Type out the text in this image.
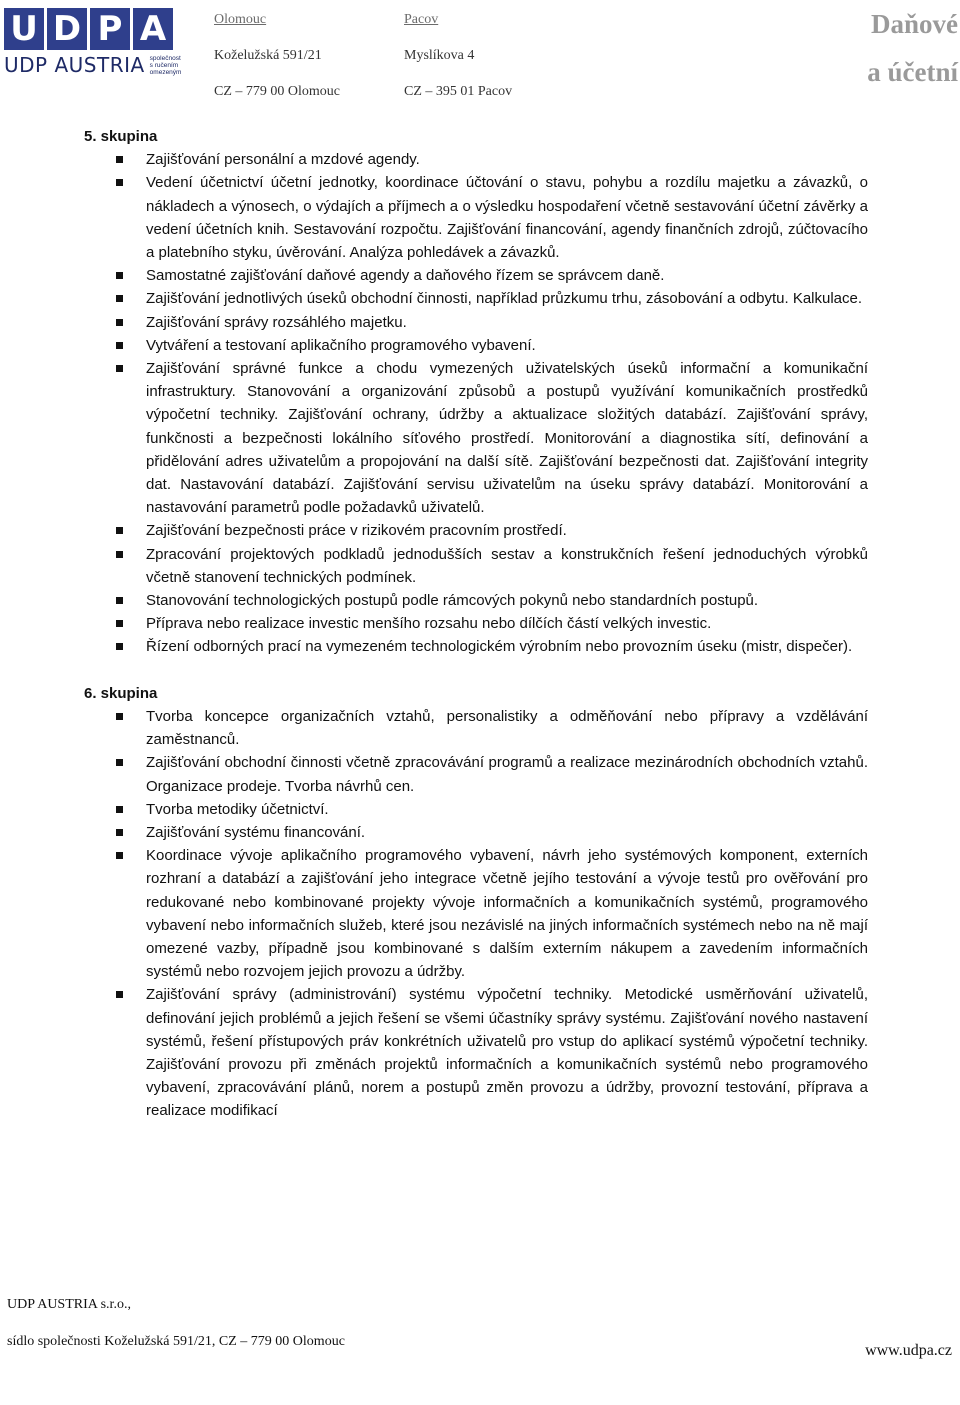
U D P A
UDP AUSTRIA společnost s ručením omezeným
Olomouc
Koželužská 591/21
CZ – 779 00 Olomouc
Pacov
Myslíkova 4
CZ – 395 01 Pacov
Daňové
a účetní
5. skupina
Zajišťování personální a mzdové agendy.
Vedení účetnictví účetní jednotky, koordinace účtování o stavu, pohybu a rozdílu majetku a závazků, o nákladech a výnosech, o výdajích a příjmech a o výsledku hospodaření včetně sestavování účetní závěrky a vedení účetních knih. Sestavování rozpočtu. Zajišťování financování, agendy finančních zdrojů, zúčtovacího a platebního styku, úvěrování. Analýza pohledávek a závazků.
Samostatné zajišťování daňové agendy a daňového řízem se správcem daně.
Zajišťování jednotlivých úseků obchodní činnosti, například průzkumu trhu, zásobování a odbytu. Kalkulace.
Zajišťování správy rozsáhlého majetku.
Vytváření a testovaní aplikačního programového vybavení.
Zajišťování správné funkce a chodu vymezených uživatelských úseků informační a komunikační infrastruktury. Stanovování a organizování způsobů a postupů využívání komunikačních prostředků výpočetní techniky. Zajišťování ochrany, údržby a aktualizace složitých databází. Zajišťování správy, funkčnosti a bezpečnosti lokálního síťového prostředí. Monitorování a diagnostika sítí, definování a přidělování adres uživatelům a propojování na další sítě. Zajišťování bezpečnosti dat. Zajišťování integrity dat. Nastavování databází. Zajišťování servisu uživatelům na úseku správy databází. Monitorování a nastavování parametrů podle požadavků uživatelů.
Zajišťování bezpečnosti práce v rizikovém pracovním prostředí.
Zpracování projektových podkladů jednodušších sestav a konstrukčních řešení jednoduchých výrobků včetně stanovení technických podmínek.
Stanovování technologických postupů podle rámcových pokynů nebo standardních postupů.
Příprava nebo realizace investic menšího rozsahu nebo dílčích částí velkých investic.
Řízení odborných prací na vymezeném technologickém výrobním nebo provozním úseku (mistr, dispečer).
6. skupina
Tvorba koncepce organizačních vztahů, personalistiky a odměňování nebo přípravy a vzdělávání zaměstnanců.
Zajišťování obchodní činnosti včetně zpracovávání programů a realizace mezinárodních obchodních vztahů. Organizace prodeje. Tvorba návrhů cen.
Tvorba metodiky účetnictví.
Zajišťování systému financování.
Koordinace vývoje aplikačního programového vybavení, návrh jeho systémových komponent, externích rozhraní a databází a zajišťování jeho integrace včetně jejího testování a vývoje testů pro ověřování pro redukované nebo kombinované projekty vývoje informačních a komunikačních systémů, programového vybavení nebo informačních služeb, které jsou nezávislé na jiných informačních systémech nebo na ně mají omezené vazby, případně jsou kombinované s dalším externím nákupem a zavedením informačních systémů nebo rozvojem jejich provozu a údržby.
Zajišťování správy (administrování) systému výpočetní techniky. Metodické usměrňování uživatelů, definování jejich problémů a jejich řešení se všemi účastníky správy systému. Zajišťování nového nastavení systémů, řešení přístupových práv konkrétních uživatelů pro vstup do aplikací systémů výpočetní techniky. Zajišťování provozu při změnách projektů informačních a komunikačních systémů nebo programového vybavení, zpracovávání plánů, norem a postupů změn provozu a údržby, provozní testování, příprava a realizace modifikací
UDP AUSTRIA s.r.o.,
sídlo společnosti Koželužská 591/21, CZ – 779 00 Olomouc
www.udpa.cz
